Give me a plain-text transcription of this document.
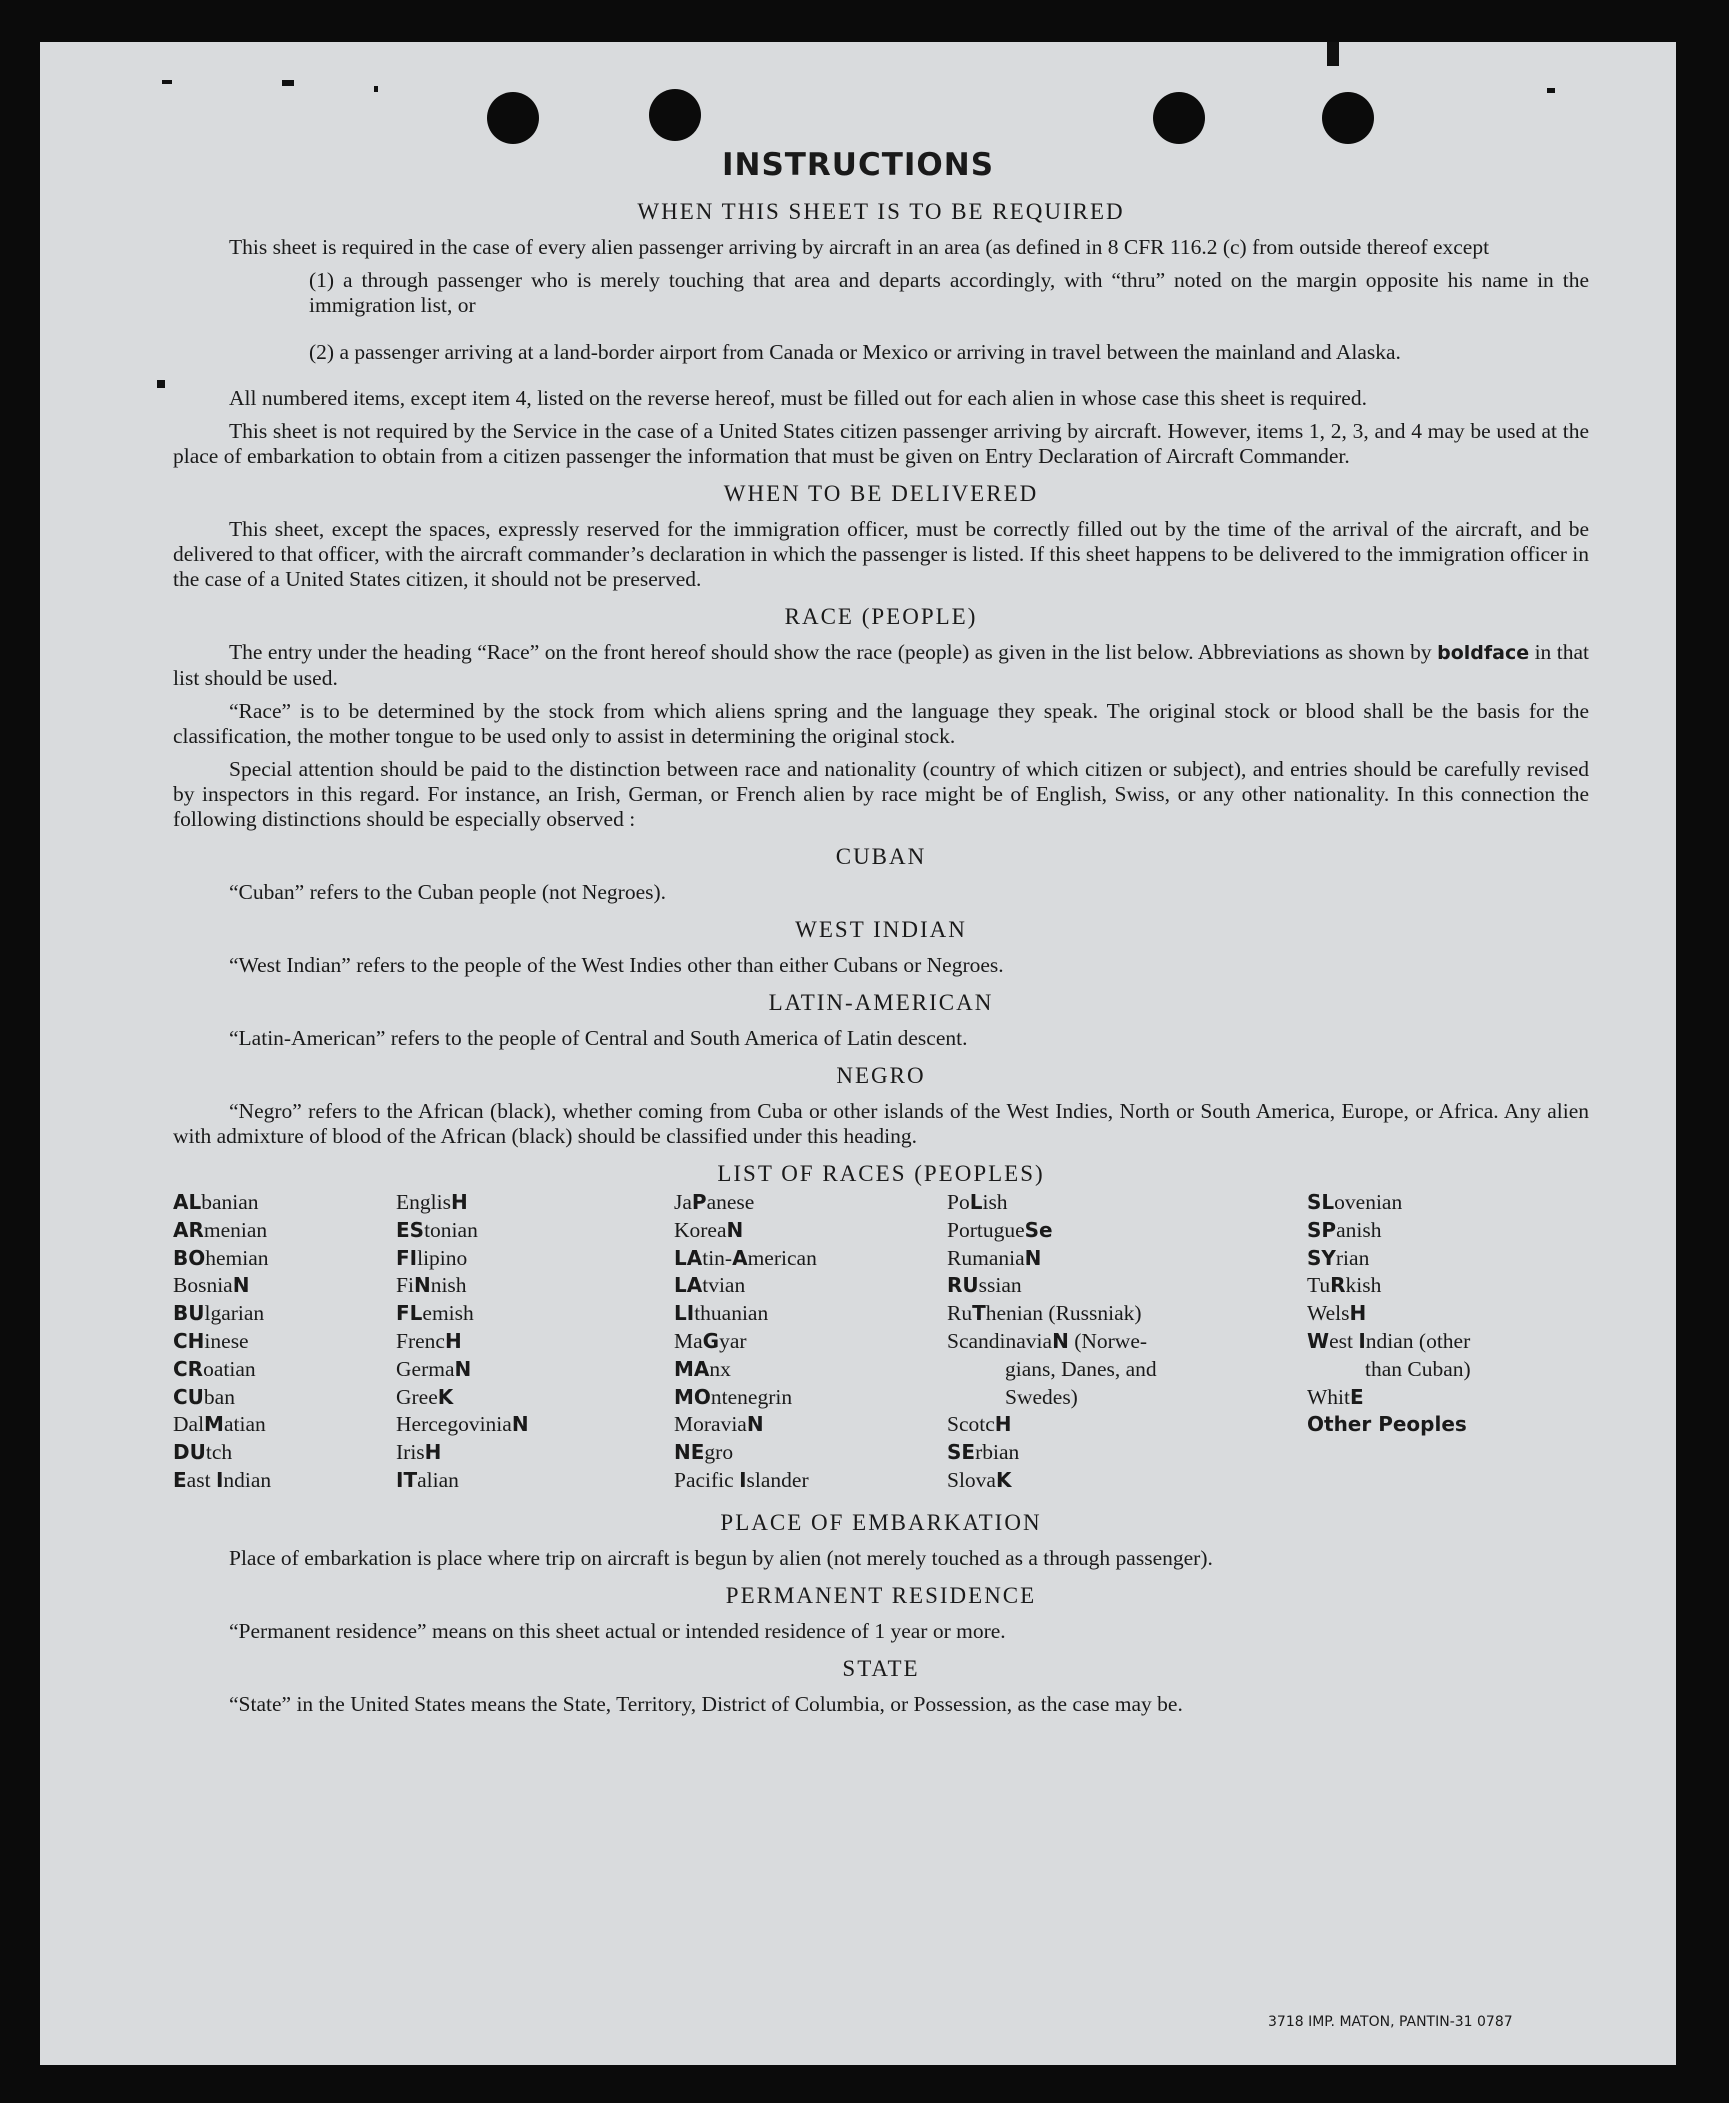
INSTRUCTIONS

WHEN THIS SHEET IS TO BE REQUIRED

This sheet is required in the case of every alien passenger arriving by aircraft in an area (as defined in 8 CFR 116.2 (c) from outside thereof except

(1) a through passenger who is merely touching that area and departs accordingly, with “thru” noted on the margin opposite his name in the immigration list, or

(2) a passenger arriving at a land-border airport from Canada or Mexico or arriving in travel between the mainland and Alaska.

All numbered items, except item 4, listed on the reverse hereof, must be filled out for each alien in whose case this sheet is required.

This sheet is not required by the Service in the case of a United States citizen passenger arriving by aircraft. However, items 1, 2, 3, and 4 may be used at the place of embarkation to obtain from a citizen passenger the information that must be given on Entry Declaration of Aircraft Commander.

WHEN TO BE DELIVERED

This sheet, except the spaces, expressly reserved for the immigration officer, must be correctly filled out by the time of the arrival of the aircraft, and be delivered to that officer, with the aircraft commander’s declaration in which the passenger is listed. If this sheet happens to be delivered to the immigration officer in the case of a United States citizen, it should not be preserved.

RACE (PEOPLE)

The entry under the heading “Race” on the front hereof should show the race (people) as given in the list below. Abbreviations as shown by boldface in that list should be used.

“Race” is to be determined by the stock from which aliens spring and the language they speak. The original stock or blood shall be the basis for the classification, the mother tongue to be used only to assist in determining the original stock.

Special attention should be paid to the distinction between race and nationality (country of which citizen or subject), and entries should be carefully revised by inspectors in this regard. For instance, an Irish, German, or French alien by race might be of English, Swiss, or any other nationality. In this connection the following distinctions should be especially observed :

CUBAN

“Cuban” refers to the Cuban people (not Negroes).

WEST INDIAN

“West Indian” refers to the people of the West Indies other than either Cubans or Negroes.

LATIN-AMERICAN

“Latin-American” refers to the people of Central and South America of Latin descent.

NEGRO

“Negro” refers to the African (black), whether coming from Cuba or other islands of the West Indies, North or South America, Europe, or Africa. Any alien with admixture of blood of the African (black) should be classified under this heading.

LIST OF RACES (PEOPLES)

ALbanian
ARmenian
BOhemian
BosniaN
BUlgarian
CHinese
CRoatian
CUban
DalMatian
DUtch
East Indian
EnglisH
EStonian
FIlipino
FiNnish
FLemish
FrencH
GermaN
GreeK
HercegoviniaN
IrisH
ITalian
JaPanese
KoreaN
LAtin-American
LAtvian
LIthuanian
MaGyar
MAnx
MOntenegrin
MoraviaN
NEgro
Pacific Islander
PoLish
PortugueSe
RumaniaN
RUssian
RuThenian (Russniak)
ScandinaviaN (Norwe-
gians, Danes, and
Swedes)
ScotcH
SErbian
SlovaK
SLovenian
SPanish
SYrian
TuRkish
WelsH
West Indian (other
than Cuban)
WhitE
Other Peoples

PLACE OF EMBARKATION

Place of embarkation is place where trip on aircraft is begun by alien (not merely touched as a through passenger).

PERMANENT RESIDENCE

“Permanent residence” means on this sheet actual or intended residence of 1 year or more.

STATE

“State” in the United States means the State, Territory, District of Columbia, or Possession, as the case may be.

3718 IMP. MATON, PANTIN-31 0787
